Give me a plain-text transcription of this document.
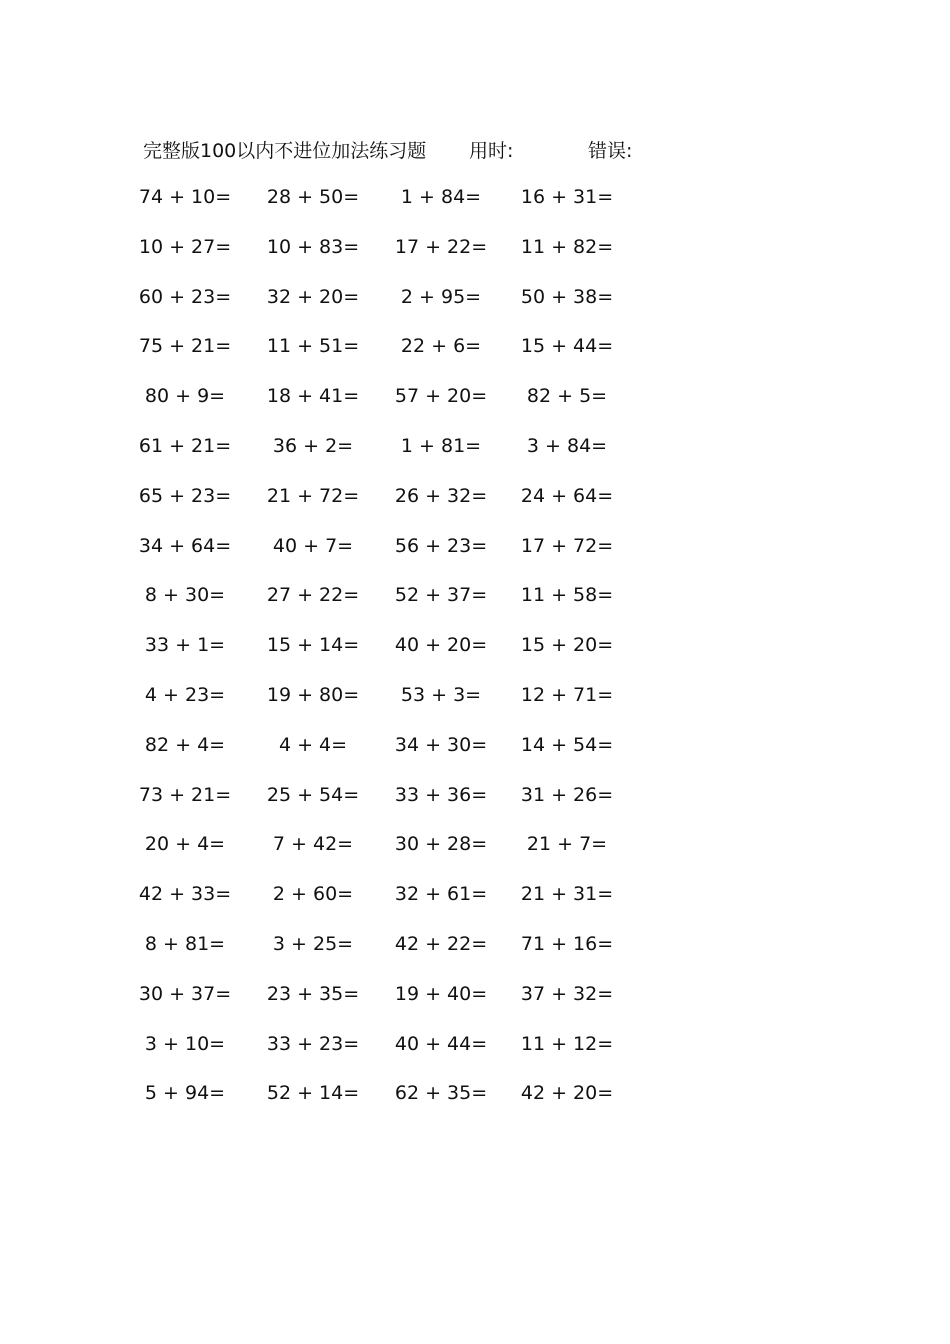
完整版100以内不进位加法练习题 用时:	错误:
74 + 10= 28 + 50= 1 + 84= 16 + 31=
10 + 27= 10 + 83= 17 + 22= 11 + 82=
60 + 23= 32 + 20= 2 + 95= 50 + 38=
75 + 21= 11 + 51= 22 + 6= 15 + 44=
80 + 9= 18 + 41= 57 + 20= 82 + 5=
61 + 21= 36 + 2=	1 + 81= 3 + 84=
65 + 23= 21 + 72= 26 + 32= 24 + 64=
34 + 64= 40 + 7= 56 + 23= 17 + 72=
8 + 30= 27 + 22= 52 + 37= 11 + 58=
33 + 1= 15 + 14= 40 + 20= 15 + 20=
4 + 23= 19 + 80= 53 + 3= 12 + 71=
82 + 4=	4 + 4=	34 + 30= 14 + 54=
73 + 21= 25 + 54= 33 + 36= 31 + 26=
20 + 4=	7 + 42= 30 + 28= 21 + 7=
42 + 33= 2 + 60= 32 + 61= 21 + 31=
8 + 81=	3 + 25= 42 + 22= 71 + 16=
30 + 37= 23 + 35= 19 + 40= 37 + 32=
3 + 10= 33 + 23= 40 + 44= 11 + 12=
5 + 94= 52 + 14= 62 + 35= 42 + 20=
